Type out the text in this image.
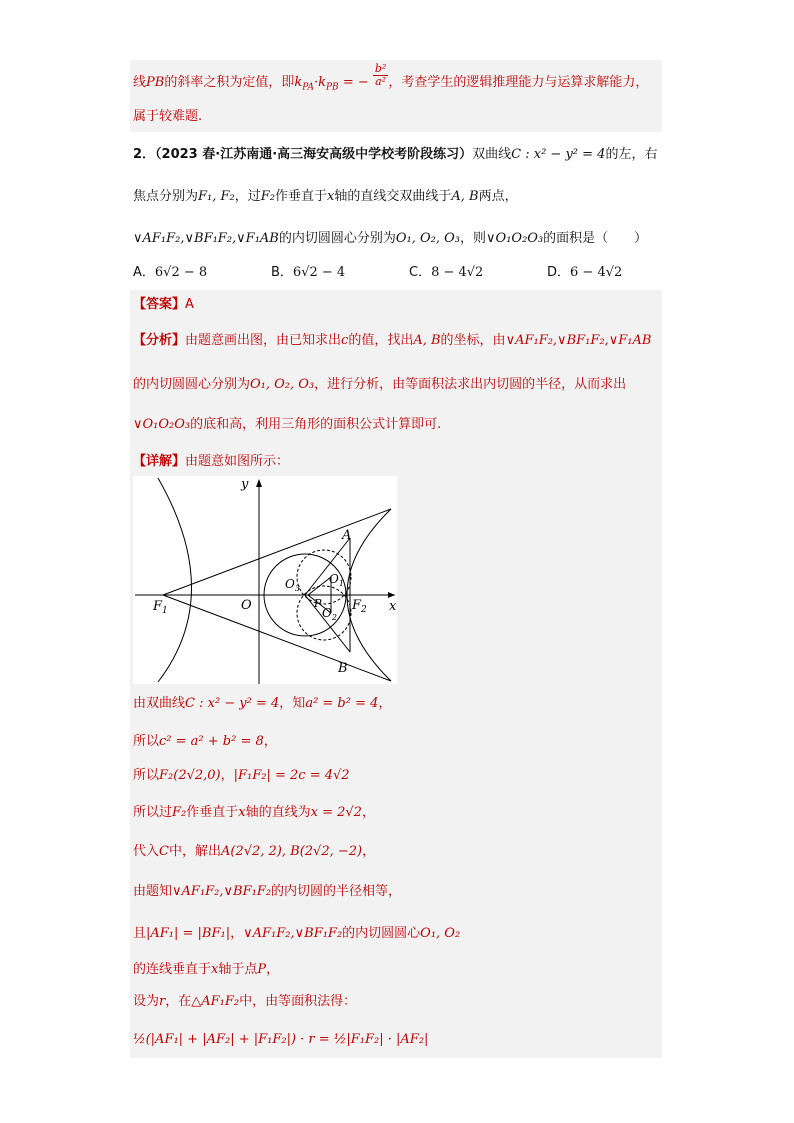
线PB的斜率之积为定值，即$k_{PA}\cdot k_{PB}$ = − $\frac{\text{b²}}{\text{a²}}$ ，考查学生的逻辑推理能力与运算求解能力，
属于较难题.
2．（2023 春·江苏南通·高三海安高级中学校考阶段练习）双曲线C : x² − y² = 4的左，右
焦点分别为F₁, F₂，过F₂作垂直于x轴的直线交双曲线于A, B两点，
∨AF₁F₂,∨BF₁F₂,∨F₁AB的内切圆圆心分别为O₁, O₂, O₃，则∨O₁O₂O₃的面积是（　　）
A．6√2 − 8	B．6√2 − 4	C．8 − 4√2	D．6 − 4√2
【答案】A
【分析】由题意画出图，由已知求出c的值，找出A, B的坐标，由∨AF₁F₂,∨BF₁F₂,∨F₁AB
的内切圆圆心分别为O₁, O₂, O₃，进行分析，由等面积法求出内切圆的半径，从而求出
∨O₁O₂O₃的底和高，利用三角形的面积公式计算即可.
【详解】由题意如图所示：
y
x
O
A
B
$F_1$	$F_2$
$O_1$
$O_2$
$O_3$
P
由双曲线C : x² − y² = 4，知a² = b² = 4，
所以c² = a² + b² = 8，
所以F₂(2√2,0)，|F₁F₂| = 2c = 4√2
所以过F₂作垂直于x轴的直线为x = 2√2，
代入C中，解出A(2√2, 2), B(2√2, −2)，
由题知∨AF₁F₂,∨BF₁F₂的内切圆的半径相等，
且|AF₁| = |BF₁|，∨AF₁F₂,∨BF₁F₂的内切圆圆心O₁, O₂
的连线垂直于x轴于点P，
设为r，在△AF₁F₂中，由等面积法得：
½(|AF₁| + |AF₂| + |F₁F₂|) · r = ½|F₁F₂| · |AF₂|
